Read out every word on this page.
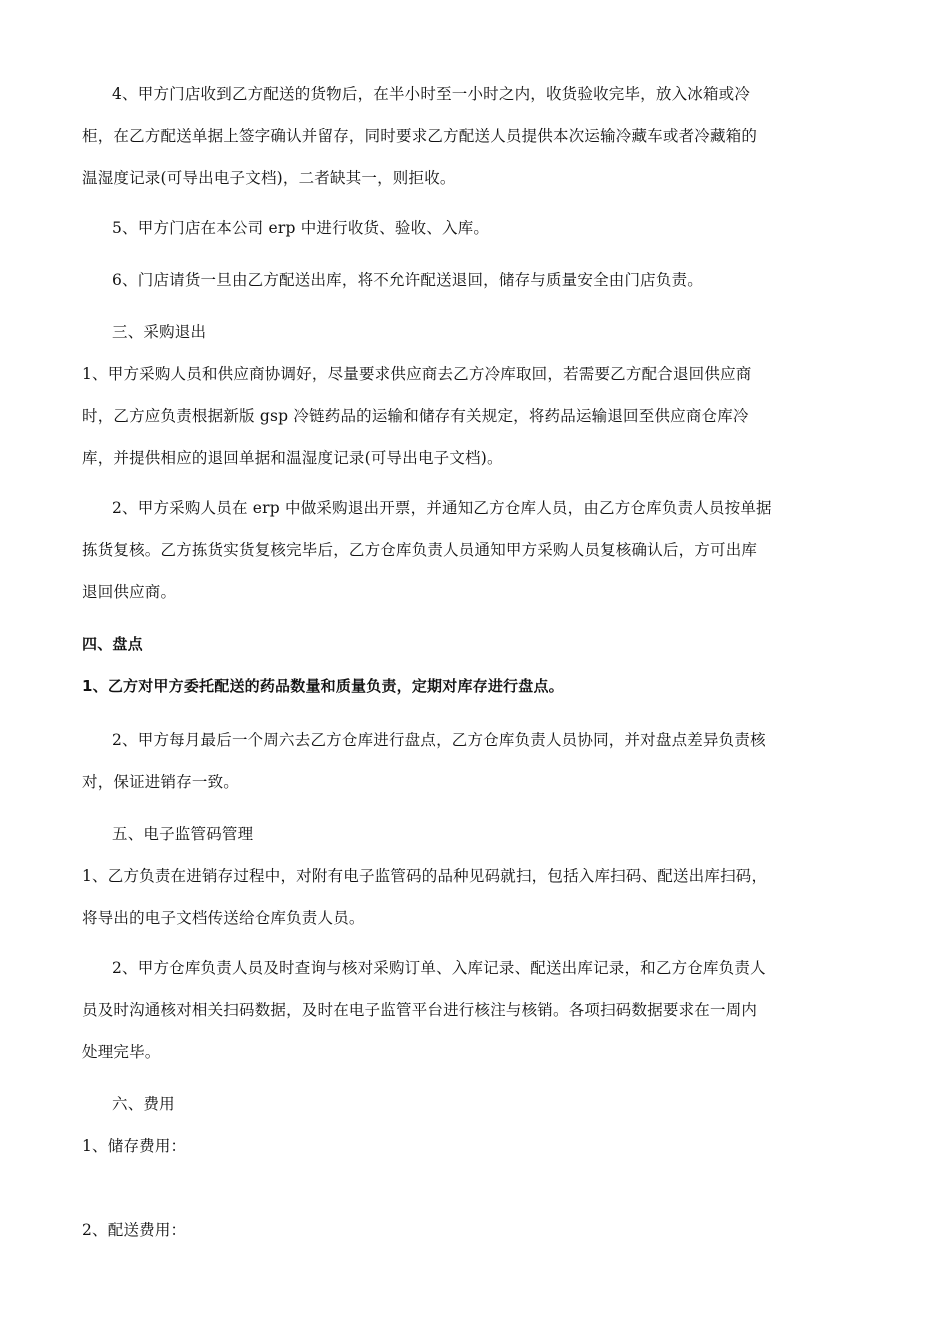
4、甲方门店收到乙方配送的货物后，在半小时至一小时之内，收货验收完毕，放入冰箱或冷
柜，在乙方配送单据上签字确认并留存，同时要求乙方配送人员提供本次运输冷藏车或者冷藏箱的
温湿度记录(可导出电子文档)，二者缺其一，则拒收。
5、甲方门店在本公司 erp 中进行收货、验收、入库。
6、门店请货一旦由乙方配送出库，将不允许配送退回，储存与质量安全由门店负责。
三、采购退出
1、甲方采购人员和供应商协调好，尽量要求供应商去乙方冷库取回，若需要乙方配合退回供应商
时，乙方应负责根据新版 gsp 冷链药品的运输和储存有关规定，将药品运输退回至供应商仓库冷
库，并提供相应的退回单据和温湿度记录(可导出电子文档)。
2、甲方采购人员在 erp 中做采购退出开票，并通知乙方仓库人员，由乙方仓库负责人员按单据
拣货复核。乙方拣货实货复核完毕后，乙方仓库负责人员通知甲方采购人员复核确认后，方可出库
退回供应商。
四、盘点
1、乙方对甲方委托配送的药品数量和质量负责，定期对库存进行盘点。
2、甲方每月最后一个周六去乙方仓库进行盘点，乙方仓库负责人员协同，并对盘点差异负责核
对，保证进销存一致。
五、电子监管码管理
1、乙方负责在进销存过程中，对附有电子监管码的品种见码就扫，包括入库扫码、配送出库扫码，
将导出的电子文档传送给仓库负责人员。
2、甲方仓库负责人员及时查询与核对采购订单、入库记录、配送出库记录，和乙方仓库负责人
员及时沟通核对相关扫码数据，及时在电子监管平台进行核注与核销。各项扫码数据要求在一周内
处理完毕。
六、费用
1、储存费用：
2、配送费用：
